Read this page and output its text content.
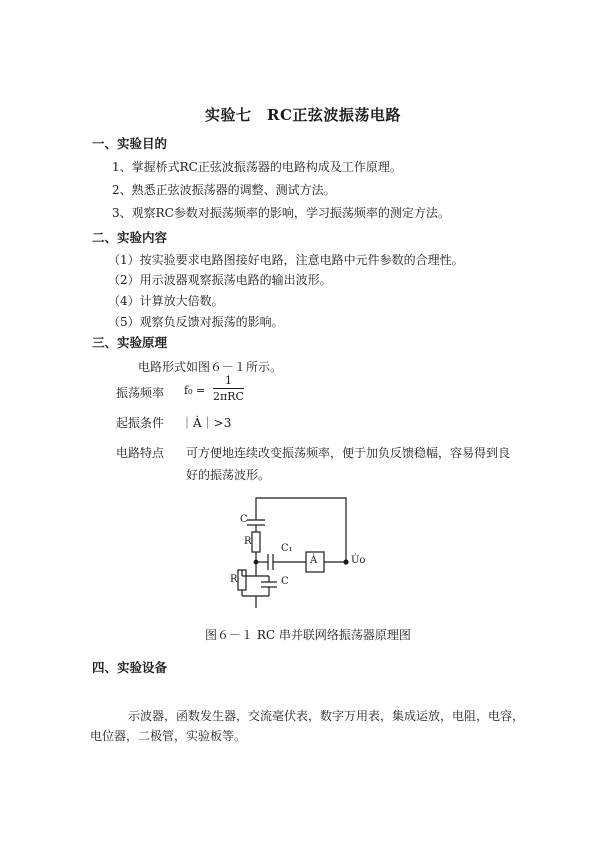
实验七　RC正弦波振荡电路
一、实验目的
1、掌握桥式RC正弦波振荡器的电路构成及工作原理。
2、熟悉正弦波振荡器的调整、测试方法。
3、观察RC参数对振荡频率的影响，学习振荡频率的测定方法。
二、实验内容
（1）按实验要求电路图接好电路，注意电路中元件参数的合理性。
（2）用示波器观察振荡电路的输出波形。
（4）计算放大倍数。
（5）观察负反馈对振荡的影响。
三、实验原理
电路形式如图６－１所示。
振荡频率 f₀ =
1
2πRC
起振条件 ｜Ȧ｜>3
电路特点 可方便地连续改变振荡频率，便于加负反馈稳幅，容易得到良
好的振荡波形。
C
R
C₁
Ȧ	U̇o
R	C
图６－１ RC 串并联网络振荡器原理图
四、实验设备
示波器，函数发生器，交流毫伏表，数字万用表，集成运放，电阻，电容，
电位器，二极管，实验板等。
